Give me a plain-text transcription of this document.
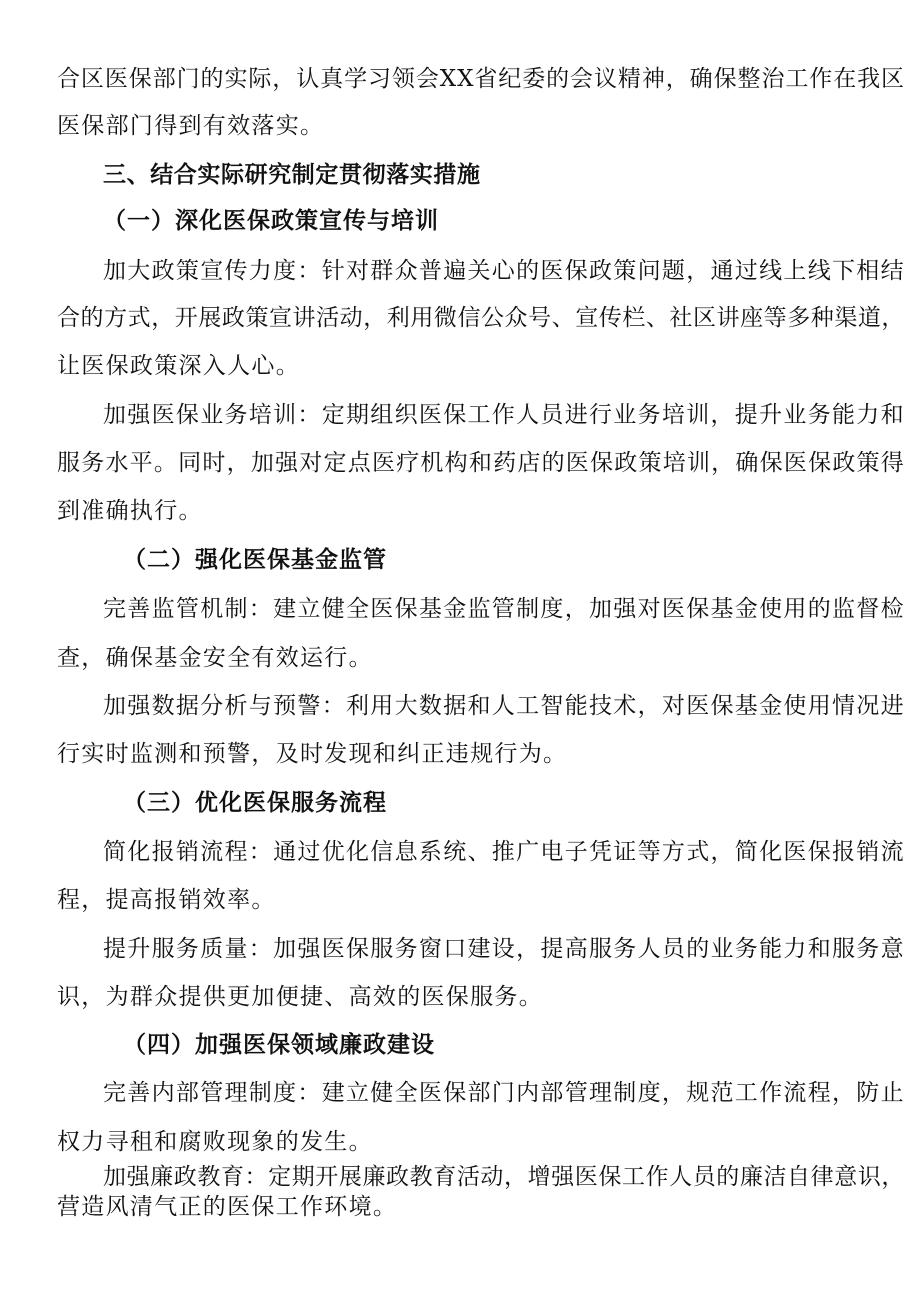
合区医保部门的实际，认真学习领会XX省纪委的会议精神，确保整治工作在我区
医保部门得到有效落实。
三、结合实际研究制定贯彻落实措施
（一）深化医保政策宣传与培训
加大政策宣传力度：针对群众普遍关心的医保政策问题，通过线上线下相结
合的方式，开展政策宣讲活动，利用微信公众号、宣传栏、社区讲座等多种渠道，
让医保政策深入人心。
加强医保业务培训：定期组织医保工作人员进行业务培训，提升业务能力和
服务水平。同时，加强对定点医疗机构和药店的医保政策培训，确保医保政策得
到准确执行。
（二）强化医保基金监管
完善监管机制：建立健全医保基金监管制度，加强对医保基金使用的监督检
查，确保基金安全有效运行。
加强数据分析与预警：利用大数据和人工智能技术，对医保基金使用情况进
行实时监测和预警，及时发现和纠正违规行为。
（三）优化医保服务流程
简化报销流程：通过优化信息系统、推广电子凭证等方式，简化医保报销流
程，提高报销效率。
提升服务质量：加强医保服务窗口建设，提高服务人员的业务能力和服务意
识，为群众提供更加便捷、高效的医保服务。
（四）加强医保领域廉政建设
完善内部管理制度：建立健全医保部门内部管理制度，规范工作流程，防止
权力寻租和腐败现象的发生。
加强廉政教育：定期开展廉政教育活动，增强医保工作人员的廉洁自律意识，
营造风清气正的医保工作环境。
